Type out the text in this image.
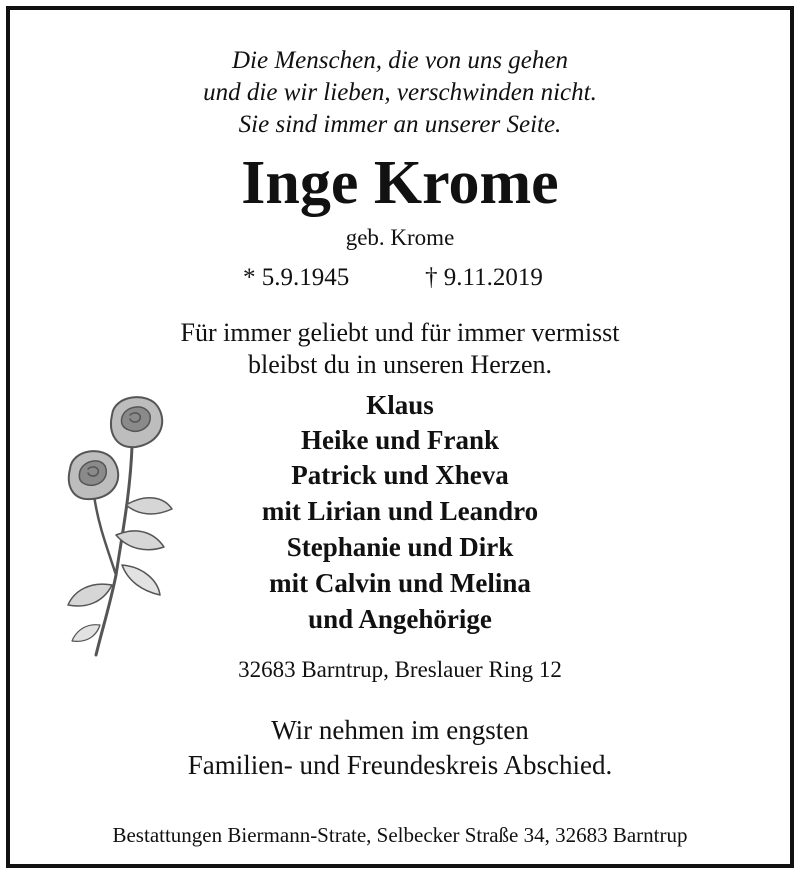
Die Menschen, die von uns gehen
und die wir lieben, verschwinden nicht.
Sie sind immer an unserer Seite.
Inge Krome
geb. Krome
* 5.9.1945	† 9.11.2019
Für immer geliebt und für immer vermisst
bleibst du in unseren Herzen.
Klaus
Heike und Frank
Patrick und Xheva
mit Lirian und Leandro
Stephanie und Dirk
mit Calvin und Melina
und Angehörige
32683 Barntrup, Breslauer Ring 12
Wir nehmen im engsten
Familien- und Freundeskreis Abschied.
Bestattungen Biermann-Strate, Selbecker Straße 34, 32683 Barntrup
